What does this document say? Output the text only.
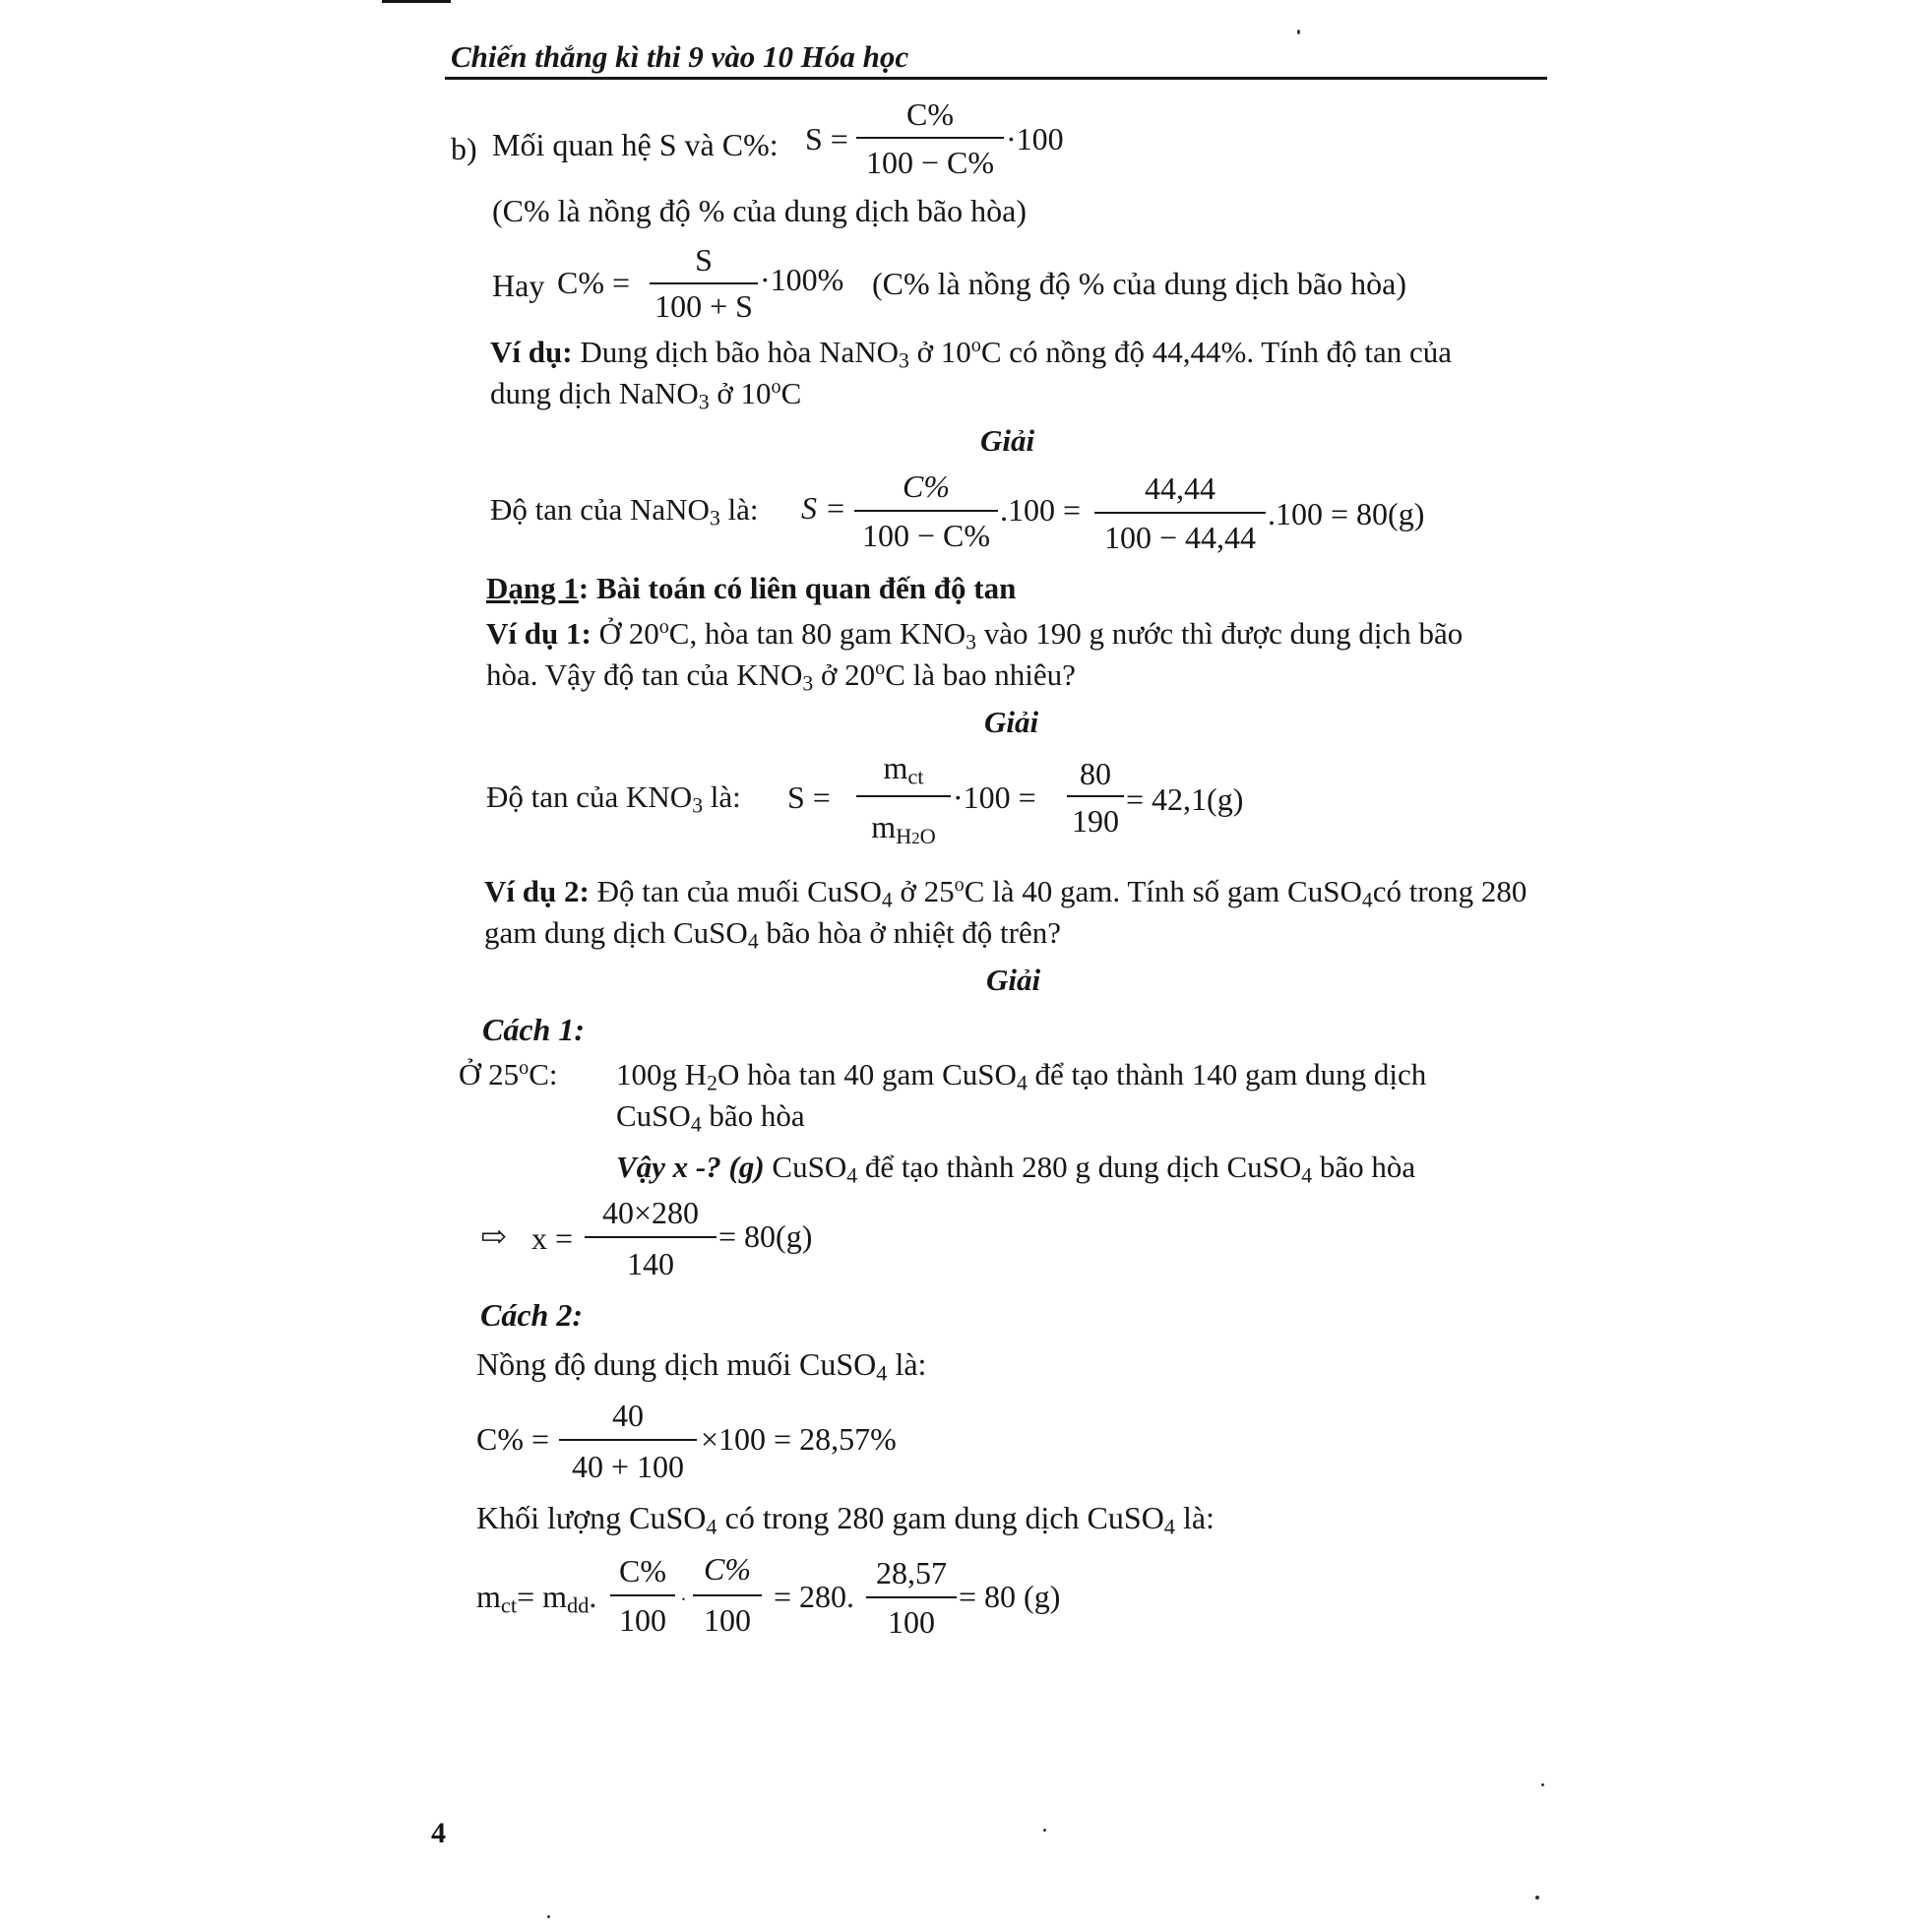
Chiến thắng kì thi 9 vào 10 Hóa học
b) Mối quan hệ S và C%: S =
C%
100 − C%
·100
(C% là nồng độ % của dung dịch bão hòa)
Hay C% =
S
100 + S
·100% (C% là nồng độ % của dung dịch bão hòa)
Ví dụ: Dung dịch bão hòa NaNO$_3$ ở 10$^o$C có nồng độ 44,44%. Tính độ tan của
dung dịch NaNO$_3$ ở 10$^o$C
Giải
Độ tan của NaNO$_3$ là: S =
C%
100 − C%
.100 =
44,44
100 − 44,44
.100 = 80(g)
Dạng 1: Bài toán có liên quan đến độ tan
Ví dụ 1: Ở 20$^o$C, hòa tan 80 gam $KNO_3$ vào 190 g nước thì được dung dịch bão
hòa. Vậy độ tan của $KNO_3$ ở 20$^o$C là bao nhiêu?
Giải
Độ tan của $KNO_3$ là: S =
$m_{ct}$
$m_{H2O}$
·100 =
80
190
= 42,1(g)
Ví dụ 2: Độ tan của muối CuSO$_4$ ở 25$^o$C là 40 gam. Tính số gam CuSO$_4$có trong 280
gam dung dịch CuSO$_4$ bão hòa ở nhiệt độ trên?
Giải
Cách 1:
Ở 25$^o$C: 100g $H_2O$ hòa tan 40 gam CuSO$_4$ để tạo thành 140 gam dung dịch
CuSO$_4$ bão hòa
Vậy x -? (g) CuSO$_4$ để tạo thành 280 g dung dịch CuSO$_4$ bão hòa
⇨ x =
40×280
140
= 80(g)
Cách 2:
Nồng độ dung dịch muối CuSO$_4$ là:
C% =
40
40 + 100
×100 = 28,57%
Khối lượng CuSO$_4$ có trong 280 gam dung dịch CuSO$_4$ là:
$m_{ct}= m_{dd}$.
C%
100
.
C%
100
= 280.
28,57
100
= 80 (g)
4
